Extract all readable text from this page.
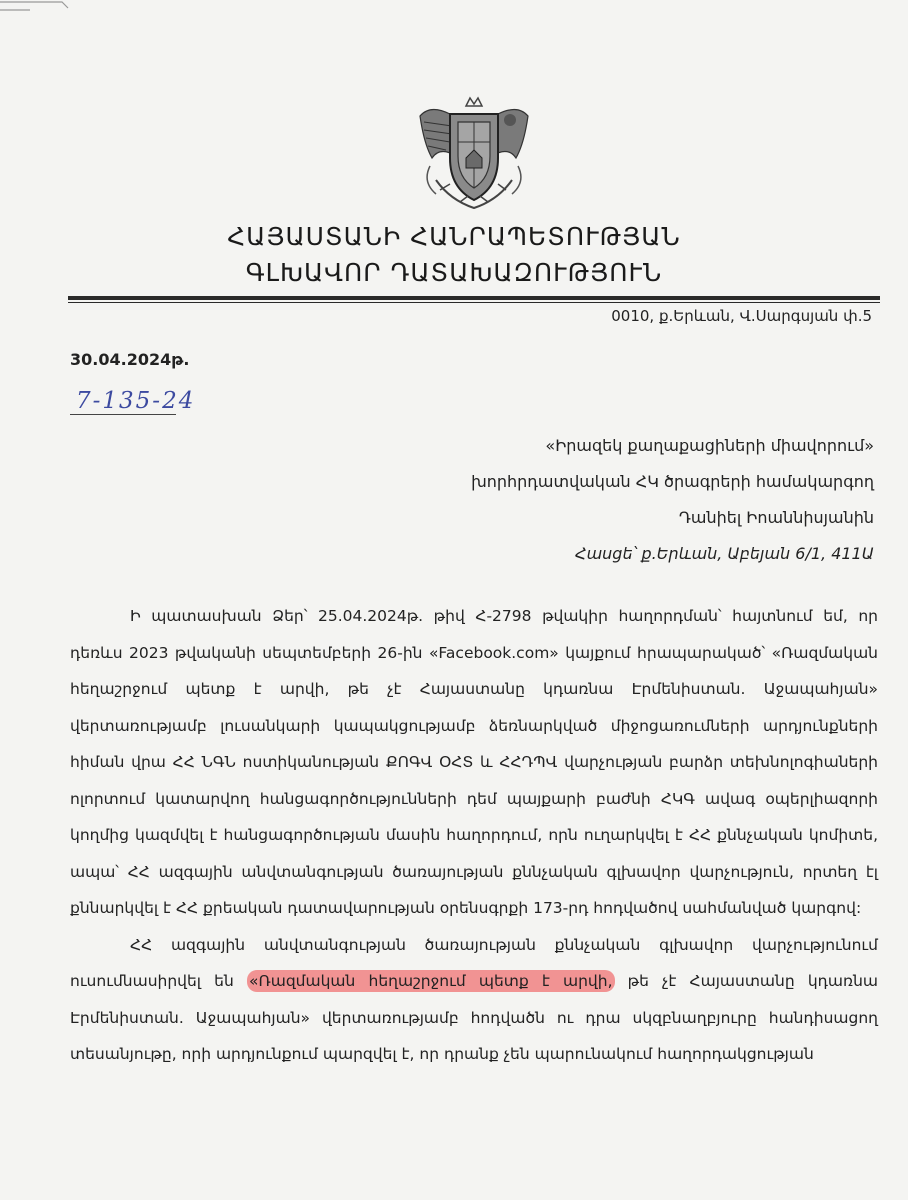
ՀԱՅԱՍՏԱՆԻ ՀԱՆՐԱՊԵՏՈՒԹՅԱՆ
ԳԼԽԱՎՈՐ ԴԱՏԱԽԱԶՈՒԹՅՈՒՆ
0010, ք.Երևան, Վ.Սարգսյան փ.5
30.04.2024թ.
7-135-24
«Իրազեկ քաղաքացիների միավորում»
խորհրդատվական ՀԿ ծրագրերի համակարգող
Դանիել Իոաննիսյանին
Հասցե՝ ք.Երևան, Աբեյան 6/1, 411Ա

Ի պատասխան Ձեր՝ 25.04.2024թ. թիվ Հ-2798 թվակիր հաղորդման՝ հայտնում եմ, որ դեռևս 2023 թվականի սեպտեմբերի 26-ին «Facebook.com» կայքում հրապարակած՝ «Ռազմական հեղաշրջում պետք է արվի, թե չէ Հայաստանը կդառնա Էրմենիստան. Աջապահյան» վերտառությամբ լուսանկարի կապակցությամբ ձեռնարկված միջոցառումների արդյունքների հիման վրա ՀՀ ՆԳՆ ոստիկանության ՔՈԳՎ ՕՀՏ և ՀՀԴՊՎ վարչության բարձր տեխնոլոգիաների ոլորտում կատարվող հանցագործությունների դեմ պայքարի բաժնի ՀԿԳ ավագ օպերլիազորի կողմից կազմվել է հանցագործության մասին հաղորդում, որն ուղարկվել է ՀՀ քննչական կոմիտե, ապա՝ ՀՀ ազգային անվտանգության ծառայության քննչական գլխավոր վարչություն, որտեղ էլ քննարկվել է ՀՀ քրեական դատավարության օրենսգրքի 173-րդ հոդվածով սահմանված կարգով:

ՀՀ ազգային անվտանգության ծառայության քննչական գլխավոր վարչությունում ուսումնասիրվել են «Ռազմական հեղաշրջում պետք է արվի, թե չէ Հայաստանը կդառնա Էրմենիստան. Աջապահյան» վերտառությամբ հոդվածն ու դրա սկզբնաղբյուրը հանդիսացող տեսանյութը, որի արդյունքում պարզվել է, որ դրանք չեն պարունակում հաղորդակցության
